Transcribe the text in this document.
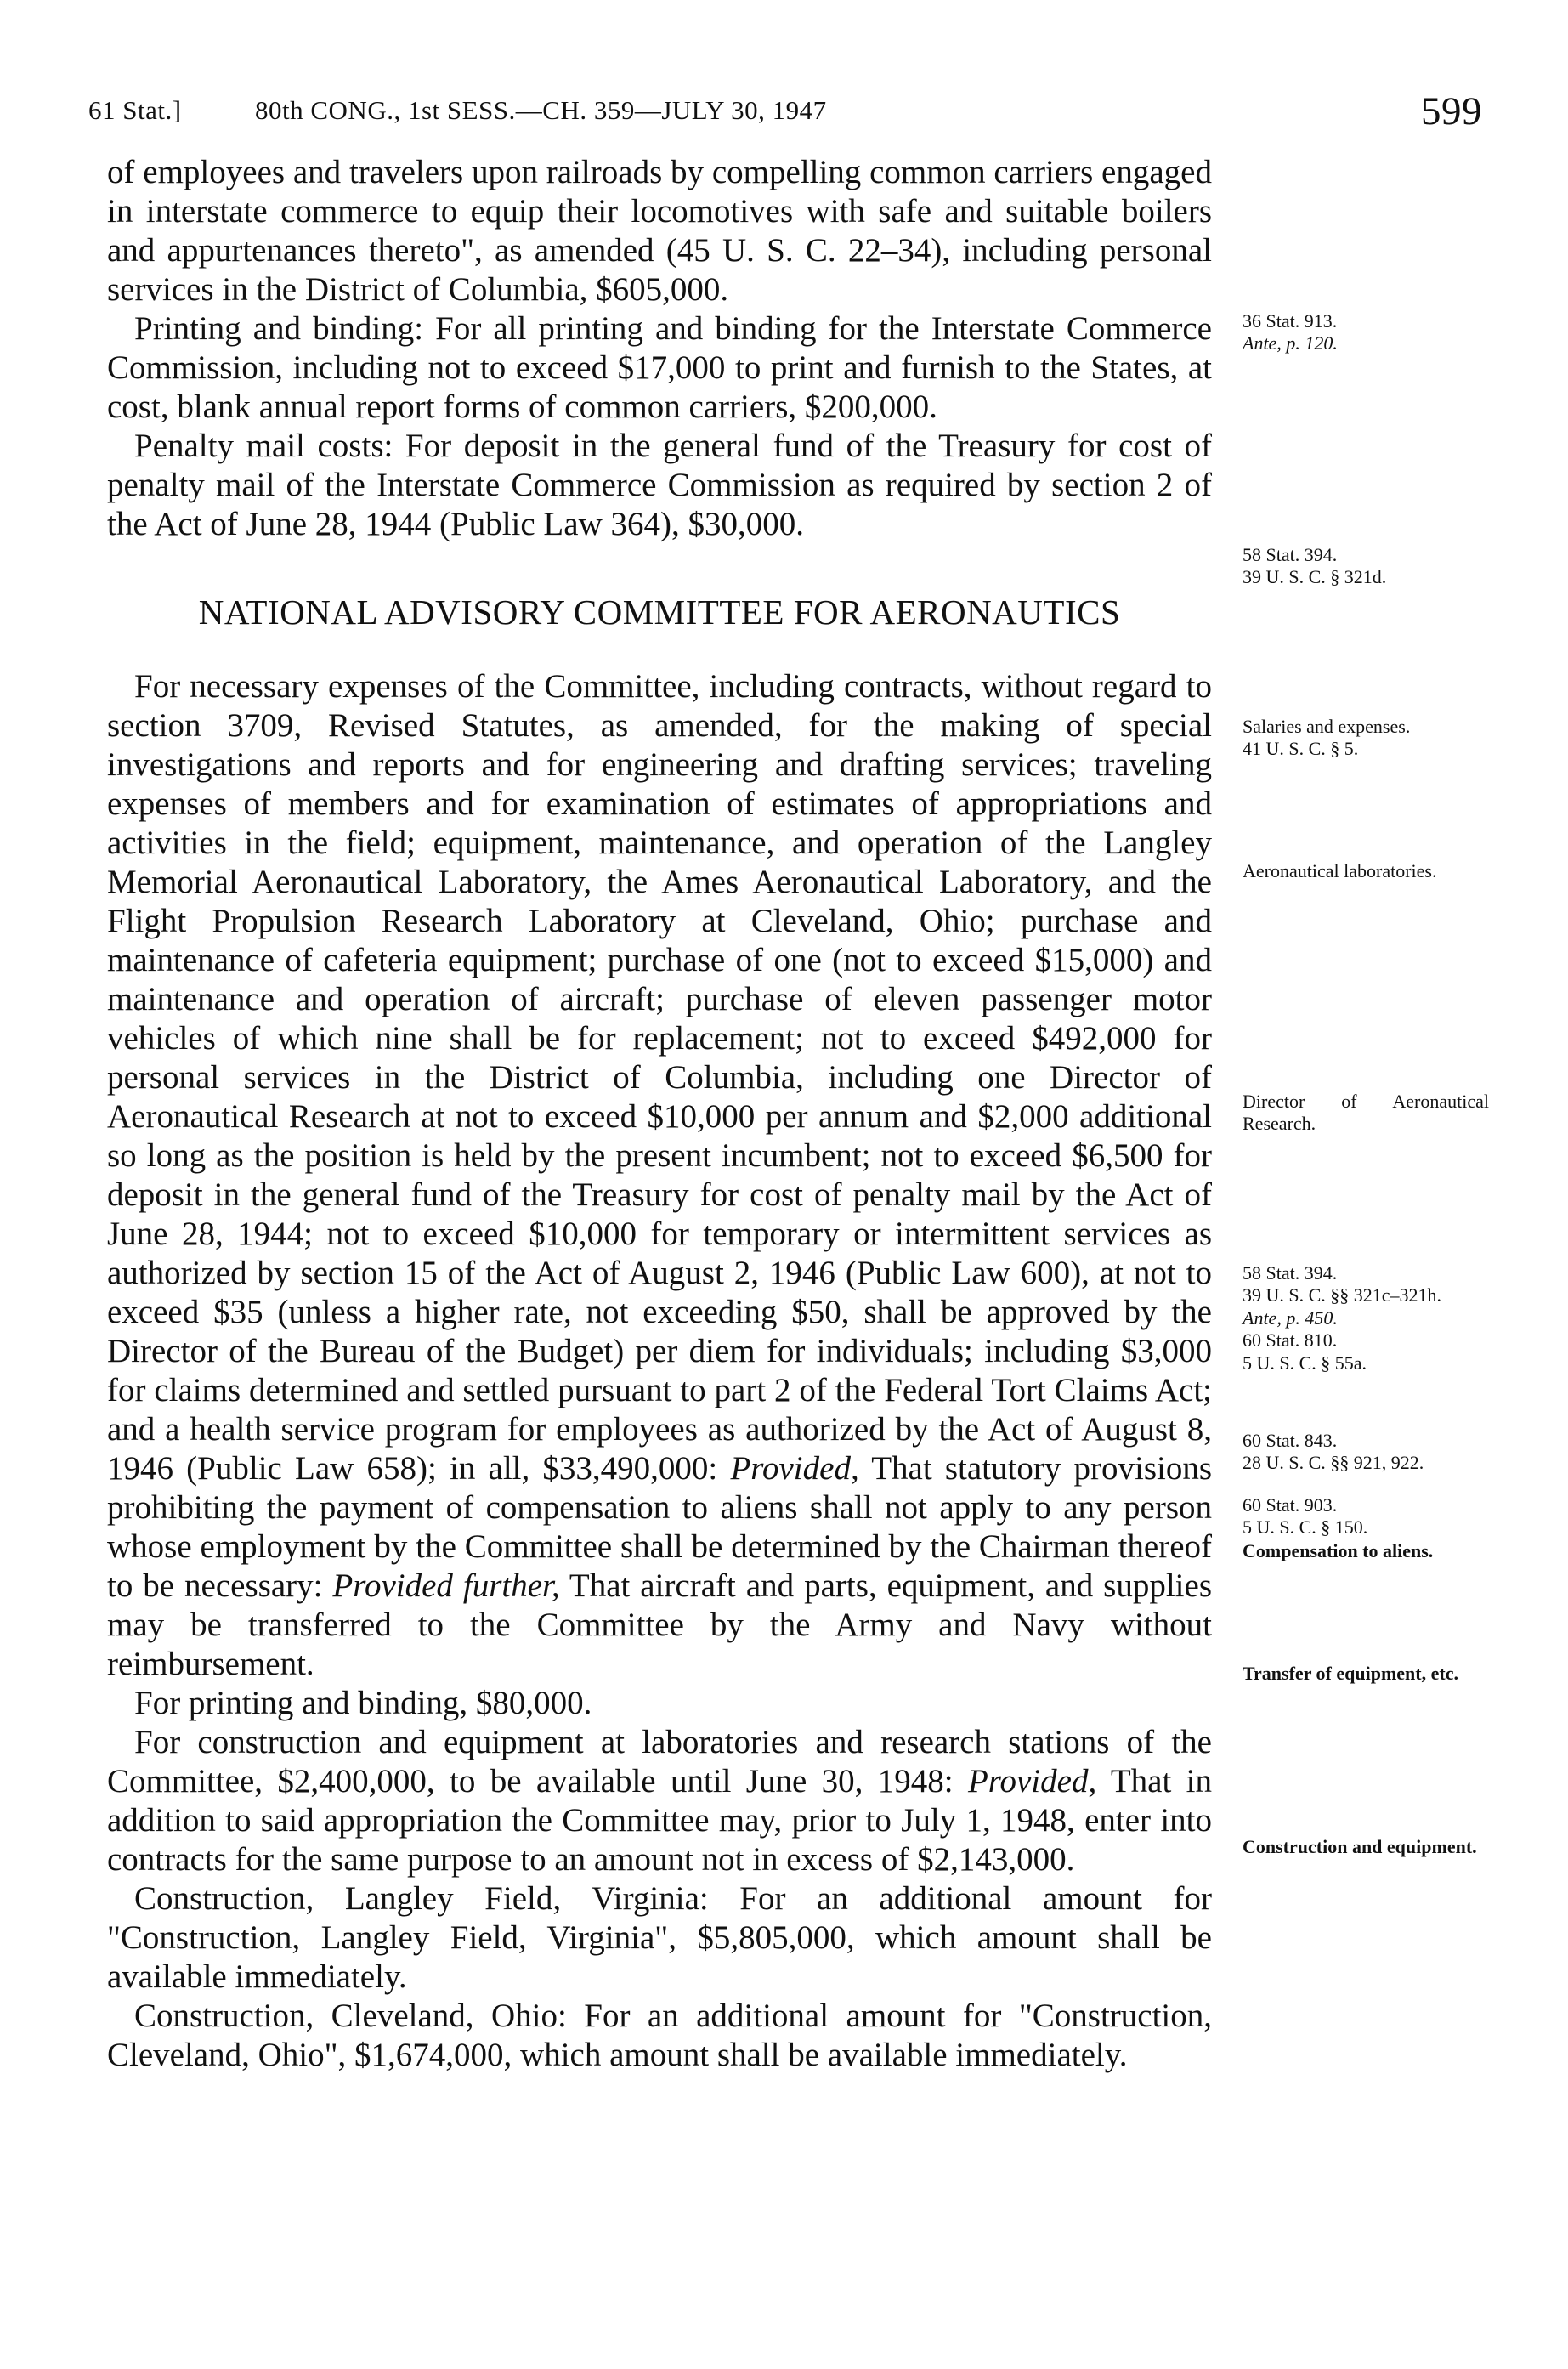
61 Stat.]	80th CONG., 1st SESS.—CH. 359—JULY 30, 1947	599

of employees and travelers upon railroads by compelling common carriers engaged in interstate commerce to equip their locomotives with safe and suitable boilers and appurtenances thereto", as amended (45 U. S. C. 22–34), including personal services in the District of Columbia, $605,000.

Printing and binding: For all printing and binding for the Interstate Commerce Commission, including not to exceed $17,000 to print and furnish to the States, at cost, blank annual report forms of common carriers, $200,000.

Penalty mail costs: For deposit in the general fund of the Treasury for cost of penalty mail of the Interstate Commerce Commission as required by section 2 of the Act of June 28, 1944 (Public Law 364), $30,000.

NATIONAL ADVISORY COMMITTEE FOR AERONAUTICS

For necessary expenses of the Committee, including contracts, without regard to section 3709, Revised Statutes, as amended, for the making of special investigations and reports and for engineering and drafting services; traveling expenses of members and for examination of estimates of appropriations and activities in the field; equipment, maintenance, and operation of the Langley Memorial Aeronautical Laboratory, the Ames Aeronautical Laboratory, and the Flight Propulsion Research Laboratory at Cleveland, Ohio; purchase and maintenance of cafeteria equipment; purchase of one (not to exceed $15,000) and maintenance and operation of aircraft; purchase of eleven passenger motor vehicles of which nine shall be for replacement; not to exceed $492,000 for personal services in the District of Columbia, including one Director of Aeronautical Research at not to exceed $10,000 per annum and $2,000 additional so long as the position is held by the present incumbent; not to exceed $6,500 for deposit in the general fund of the Treasury for cost of penalty mail by the Act of June 28, 1944; not to exceed $10,000 for temporary or intermittent services as authorized by section 15 of the Act of August 2, 1946 (Public Law 600), at not to exceed $35 (unless a higher rate, not exceeding $50, shall be approved by the Director of the Bureau of the Budget) per diem for individuals; including $3,000 for claims determined and settled pursuant to part 2 of the Federal Tort Claims Act; and a health service program for employees as authorized by the Act of August 8, 1946 (Public Law 658); in all, $33,490,000: Provided, That statutory provisions prohibiting the payment of compensation to aliens shall not apply to any person whose employment by the Committee shall be determined by the Chairman thereof to be necessary: Provided further, That aircraft and parts, equipment, and supplies may be transferred to the Committee by the Army and Navy without reimbursement.

For printing and binding, $80,000.

For construction and equipment at laboratories and research stations of the Committee, $2,400,000, to be available until June 30, 1948: Provided, That in addition to said appropriation the Committee may, prior to July 1, 1948, enter into contracts for the same purpose to an amount not in excess of $2,143,000.

Construction, Langley Field, Virginia: For an additional amount for "Construction, Langley Field, Virginia", $5,805,000, which amount shall be available immediately.

Construction, Cleveland, Ohio: For an additional amount for "Construction, Cleveland, Ohio", $1,674,000, which amount shall be available immediately.

36 Stat. 913.
Ante, p. 120.
58 Stat. 394.
39 U. S. C. § 321d.
Salaries and expenses.
41 U. S. C. § 5.
Aeronautical laboratories.
Director of Aeronautical Research.
58 Stat. 394.
39 U. S. C. §§ 321c–321h.
Ante, p. 450.
60 Stat. 810.
5 U. S. C. § 55a.
60 Stat. 843.
28 U. S. C. §§ 921, 922.
60 Stat. 903.
5 U. S. C. § 150.
Compensation to aliens.
Transfer of equipment, etc.
Construction and equipment.
